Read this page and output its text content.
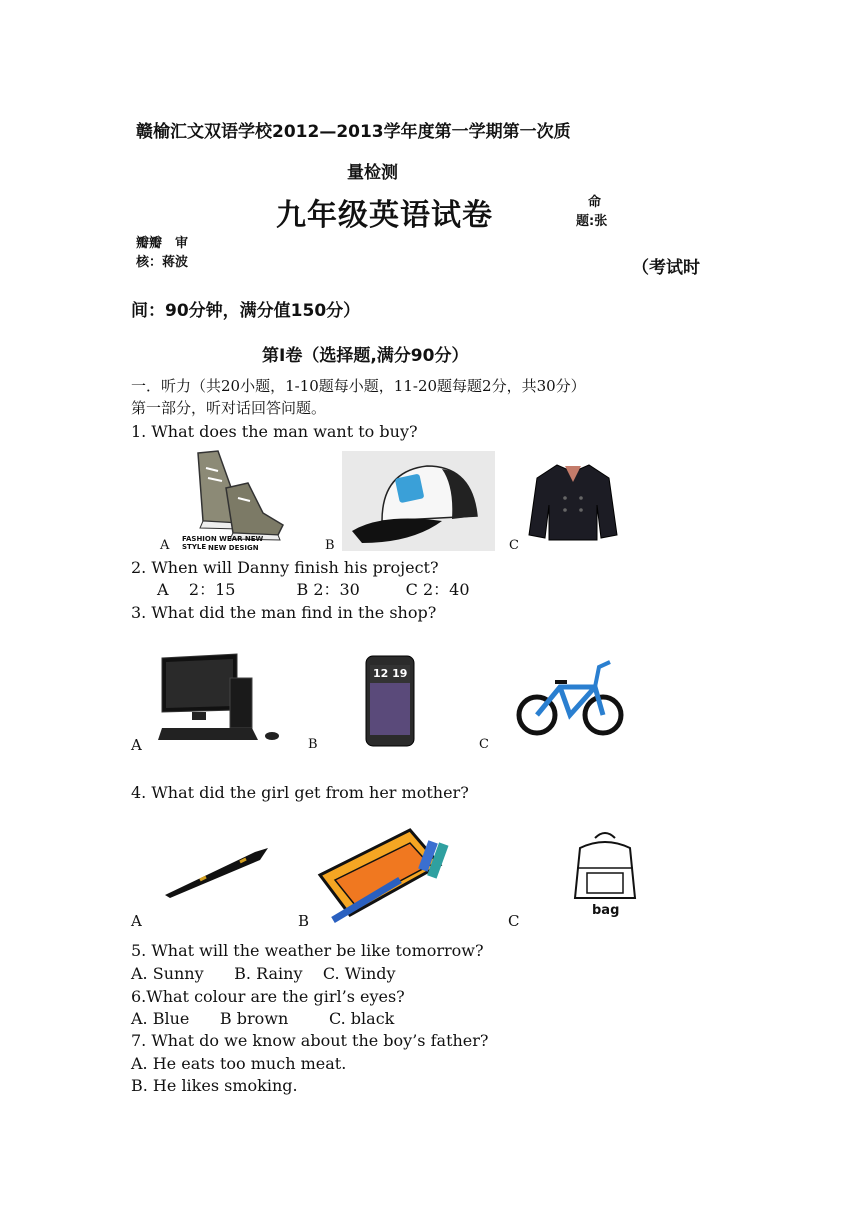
赣榆汇文双语学校2012—2013学年度第一学期第一次质
量检测
九年级英语试卷	命
题:张
瓣瓣　审
核：蒋波	（考试时
间：90分钟，满分值150分）
第Ⅰ卷（选择题,满分90分）
一．听力（共20小题，1-10题每小题，11-20题每题2分，共30分）
第一部分，听对话回答问题。
1. What does the man want to buy?
FASHION WEAR NEW STYLE NEW DESIGN
A	B	C
2. When will Danny finish his project?
A    2：15            B 2：30         C 2：40
3. What did the man find in the shop?
A
12 19
B	C
4. What did the girl get from her mother?
A	B
bag
C
5. What will the weather be like tomorrow?
A. Sunny      B. Rainy    C. Windy
6.What colour are the girl’s eyes?
A. Blue      B brown        C. black
7. What do we know about the boy’s father?
A. He eats too much meat.
B. He likes smoking.
